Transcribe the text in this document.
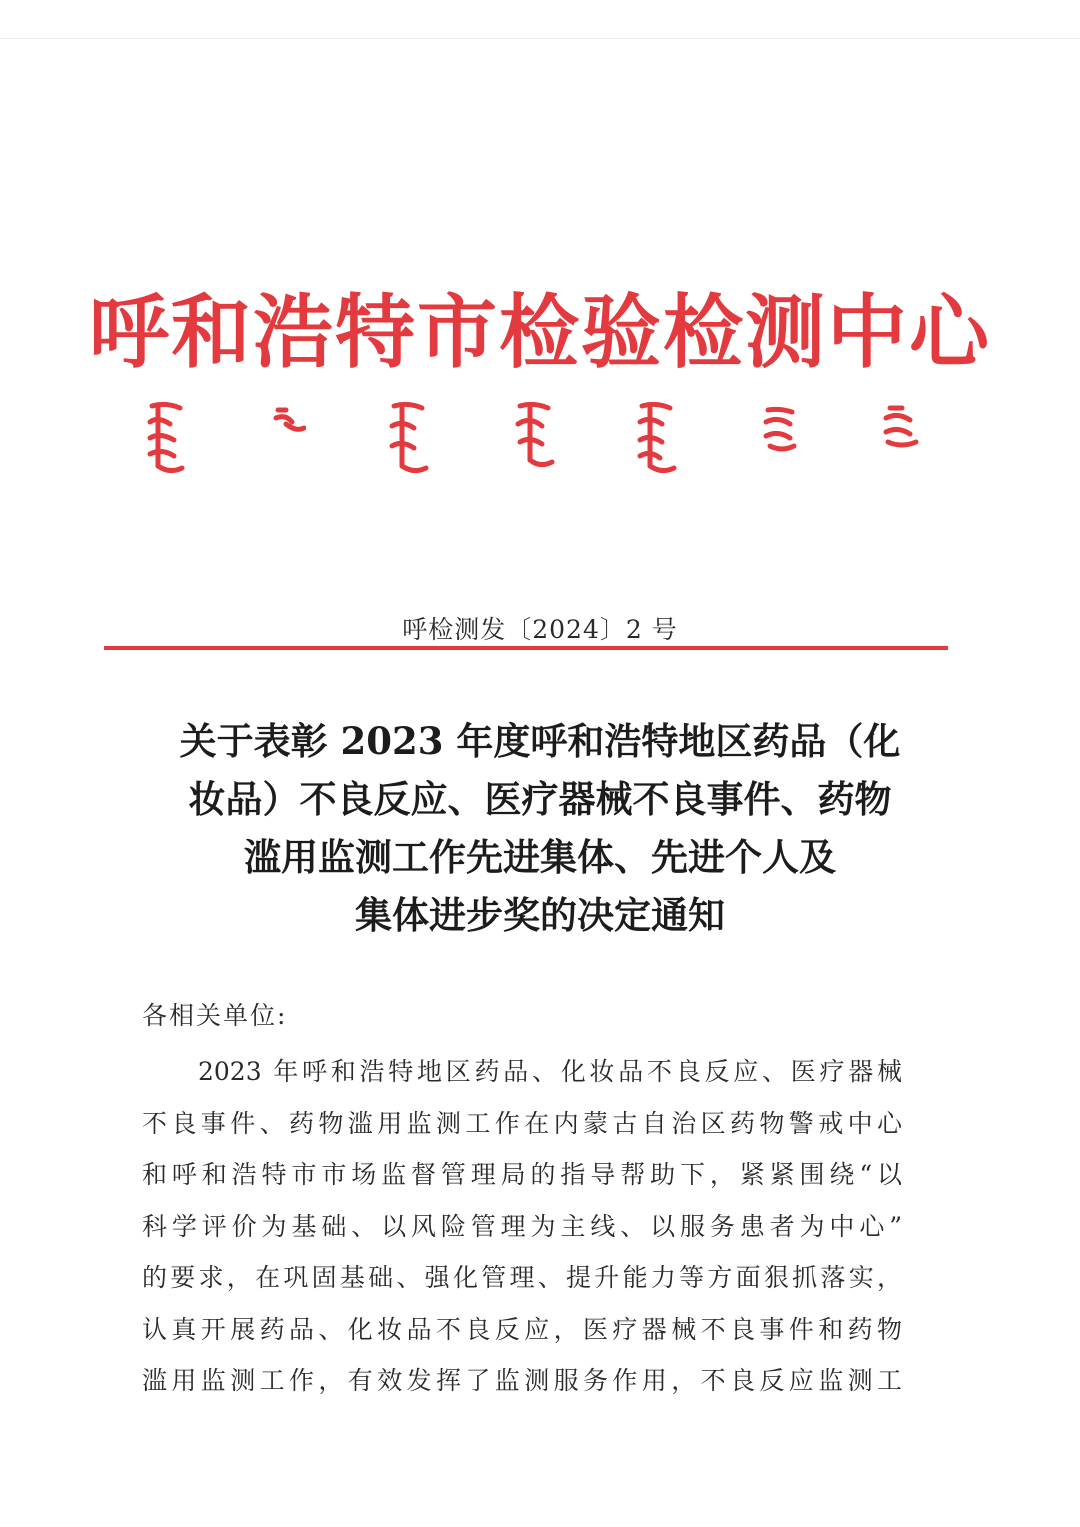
呼和浩特市检验检测中心
呼检测发〔2024〕2 号
关于表彰 2023 年度呼和浩特地区药品（化
妆品）不良反应、医疗器械不良事件、药物
滥用监测工作先进集体、先进个人及
集体进步奖的决定通知
各相关单位:
2023 年呼和浩特地区药品、化妆品不良反应、医疗器械
不良事件、药物滥用监测工作在内蒙古自治区药物警戒中心
和呼和浩特市市场监督管理局的指导帮助下，紧紧围绕“以
科学评价为基础、以风险管理为主线、以服务患者为中心”
的要求，在巩固基础、强化管理、提升能力等方面狠抓落实，
认真开展药品、化妆品不良反应，医疗器械不良事件和药物
滥用监测工作，有效发挥了监测服务作用，不良反应监测工
